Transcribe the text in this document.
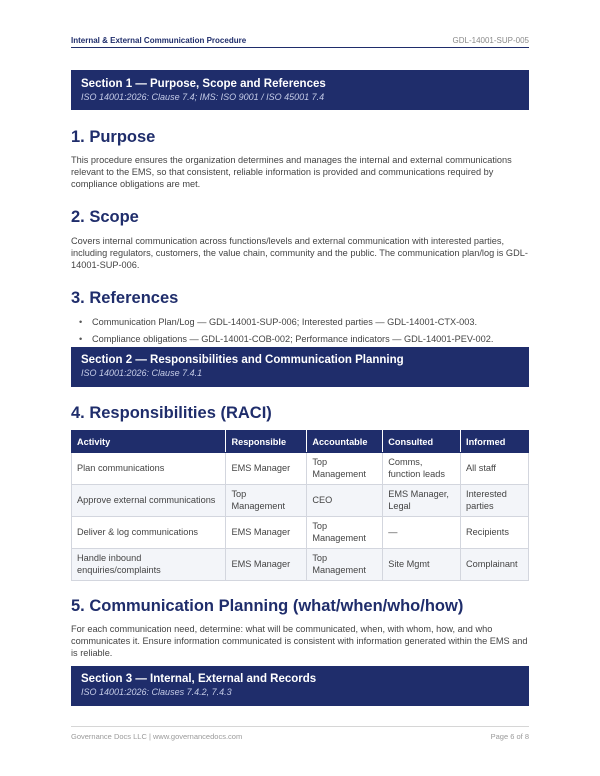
Internal & External Communication Procedure	GDL-14001-SUP-005
Section 1 — Purpose, Scope and References
ISO 14001:2026: Clause 7.4; IMS: ISO 9001 / ISO 45001 7.4
1. Purpose

This procedure ensures the organization determines and manages the internal and external communications relevant to the EMS, so that consistent, reliable information is provided and communications required by compliance obligations are met.

2. Scope

Covers internal communication across functions/levels and external communication with interested parties, including regulators, customers, the value chain, community and the public. The communication plan/log is GDL-14001-SUP-006.

3. References
• Communication Plan/Log — GDL-14001-SUP-006; Interested parties — GDL-14001-CTX-003.
• Compliance obligations — GDL-14001-COB-002; Performance indicators — GDL-14001-PEV-002.
Section 2 — Responsibilities and Communication Planning
ISO 14001:2026: Clause 7.4.1
4. Responsibilities (RACI)
Activity	Responsible	Accountable	Consulted	Informed
Plan communications	EMS Manager	Top Management	Comms, function leads	All staff
Approve external communications	Top Management	CEO	EMS Manager, Legal	Interested parties
Deliver & log communications	EMS Manager	Top Management	—	Recipients
Handle inbound enquiries/complaints	EMS Manager	Top Management	Site Mgmt	Complainant
5. Communication Planning (what/when/who/how)

For each communication need, determine: what will be communicated, when, with whom, how, and who communicates it. Ensure information communicated is consistent with information generated within the EMS and is reliable.

Section 3 — Internal, External and Records
ISO 14001:2026: Clauses 7.4.2, 7.4.3
Governance Docs LLC | www.governancedocs.com	Page 6 of 8
